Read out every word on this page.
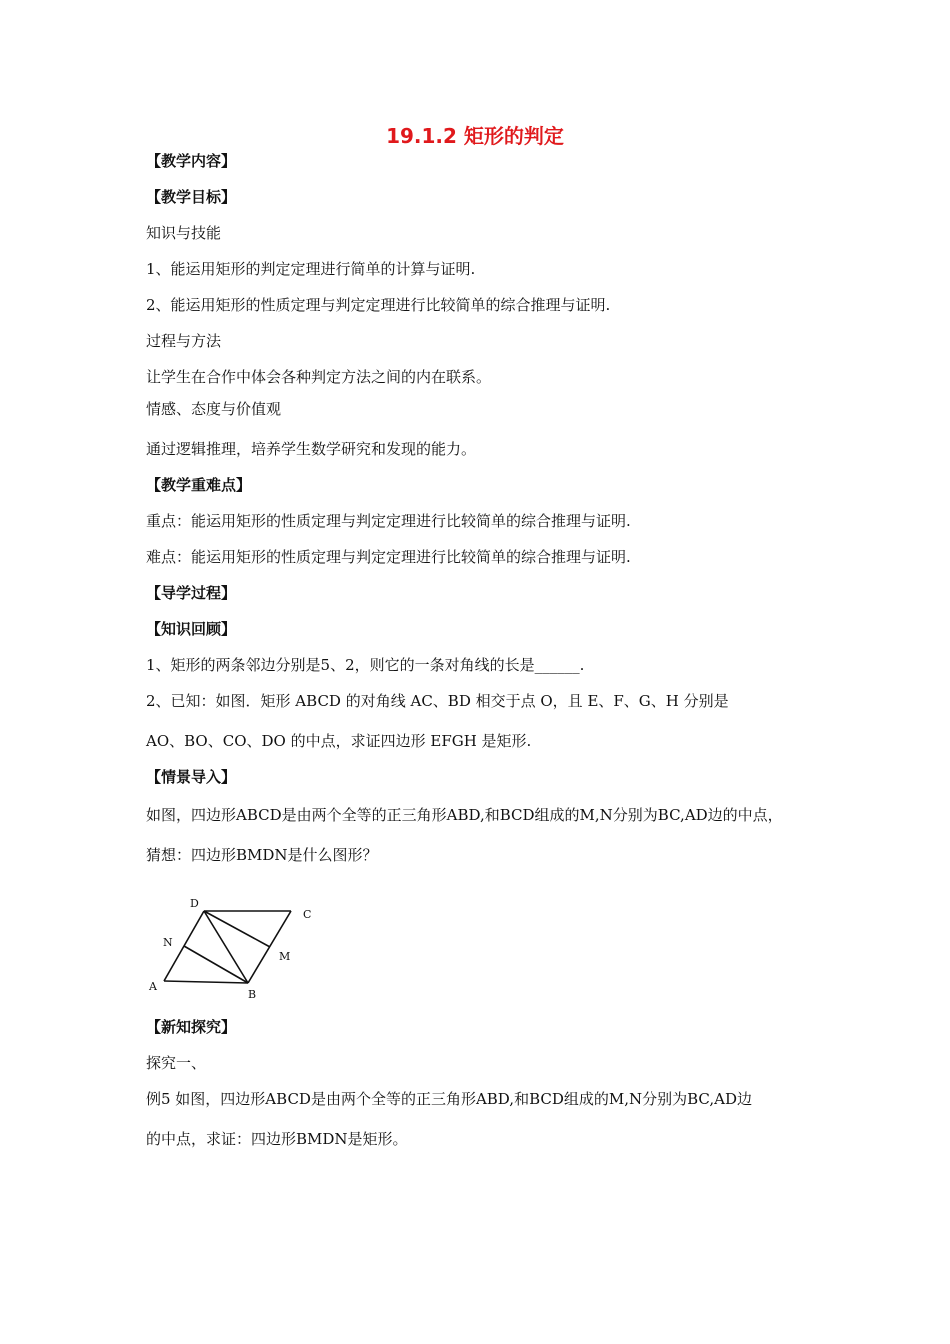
19.1.2 矩形的判定
【教学内容】
【教学目标】
知识与技能
1、能运用矩形的判定定理进行简单的计算与证明.
2、能运用矩形的性质定理与判定定理进行比较简单的综合推理与证明.
过程与方法
让学生在合作中体会各种判定方法之间的内在联系。
情感、态度与价值观
通过逻辑推理，培养学生数学研究和发现的能力。
【教学重难点】
重点：能运用矩形的性质定理与判定定理进行比较简单的综合推理与证明.
难点：能运用矩形的性质定理与判定定理进行比较简单的综合推理与证明.
【导学过程】
【知识回顾】
1、矩形的两条邻边分别是5、2，则它的一条对角线的长是______.
2、已知：如图．矩形 ABCD 的对角线 AC、BD 相交于点 O，且 E、F、G、H 分别是
AO、BO、CO、DO 的中点，求证四边形 EFGH 是矩形.
【情景导入】
如图，四边形ABCD是由两个全等的正三角形ABD,和BCD组成的M,N分别为BC,AD边的中点，
猜想：四边形BMDN是什么图形？
D
C
N
M
A
B
【新知探究】
探究一、
例5 如图，四边形ABCD是由两个全等的正三角形ABD,和BCD组成的M,N分别为BC,AD边
的中点，求证：四边形BMDN是矩形。
